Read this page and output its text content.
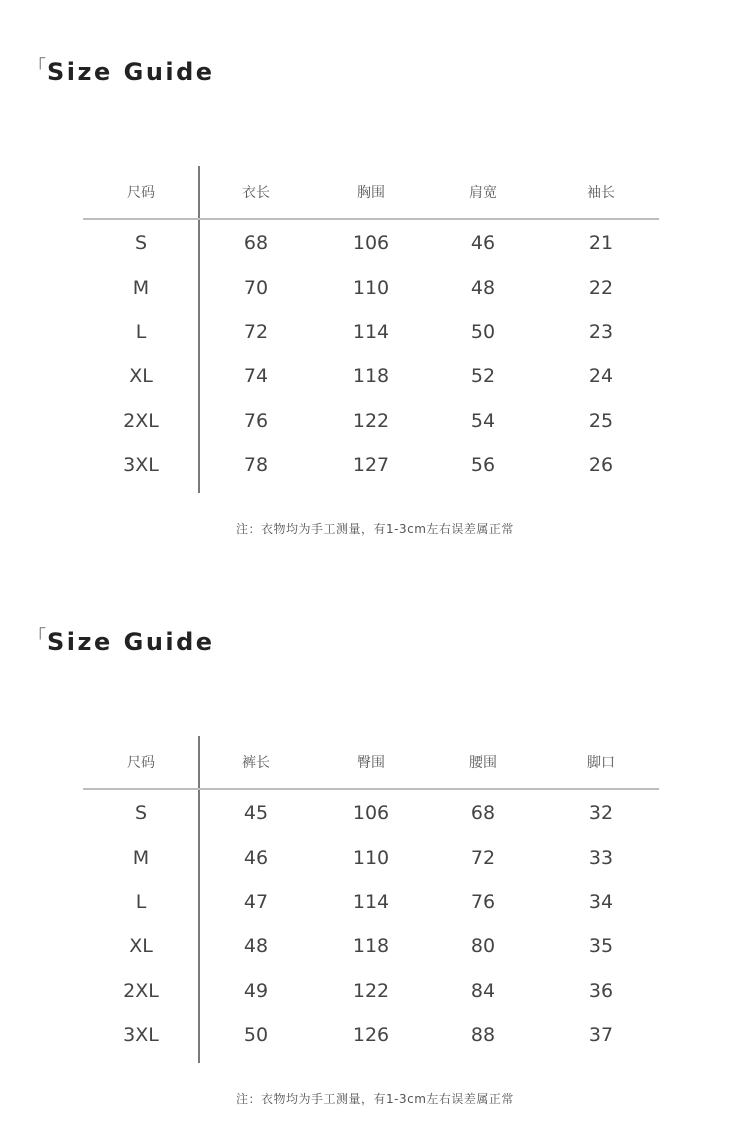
「Size Guide
尺码	衣长	胸围	肩宽	袖长
S	68	106	46	21
M	70	110	48	22
L	72	114	50	23
XL	74	118	52	24
2XL	76	122	54	25
3XL	78	127	56	26
注：衣物均为手工测量，有1-3cm左右误差属正常
「Size Guide
尺码	裤长	臀围	腰围	脚口
S	45	106	68	32
M	46	110	72	33
L	47	114	76	34
XL	48	118	80	35
2XL	49	122	84	36
3XL	50	126	88	37
注：衣物均为手工测量，有1-3cm左右误差属正常
